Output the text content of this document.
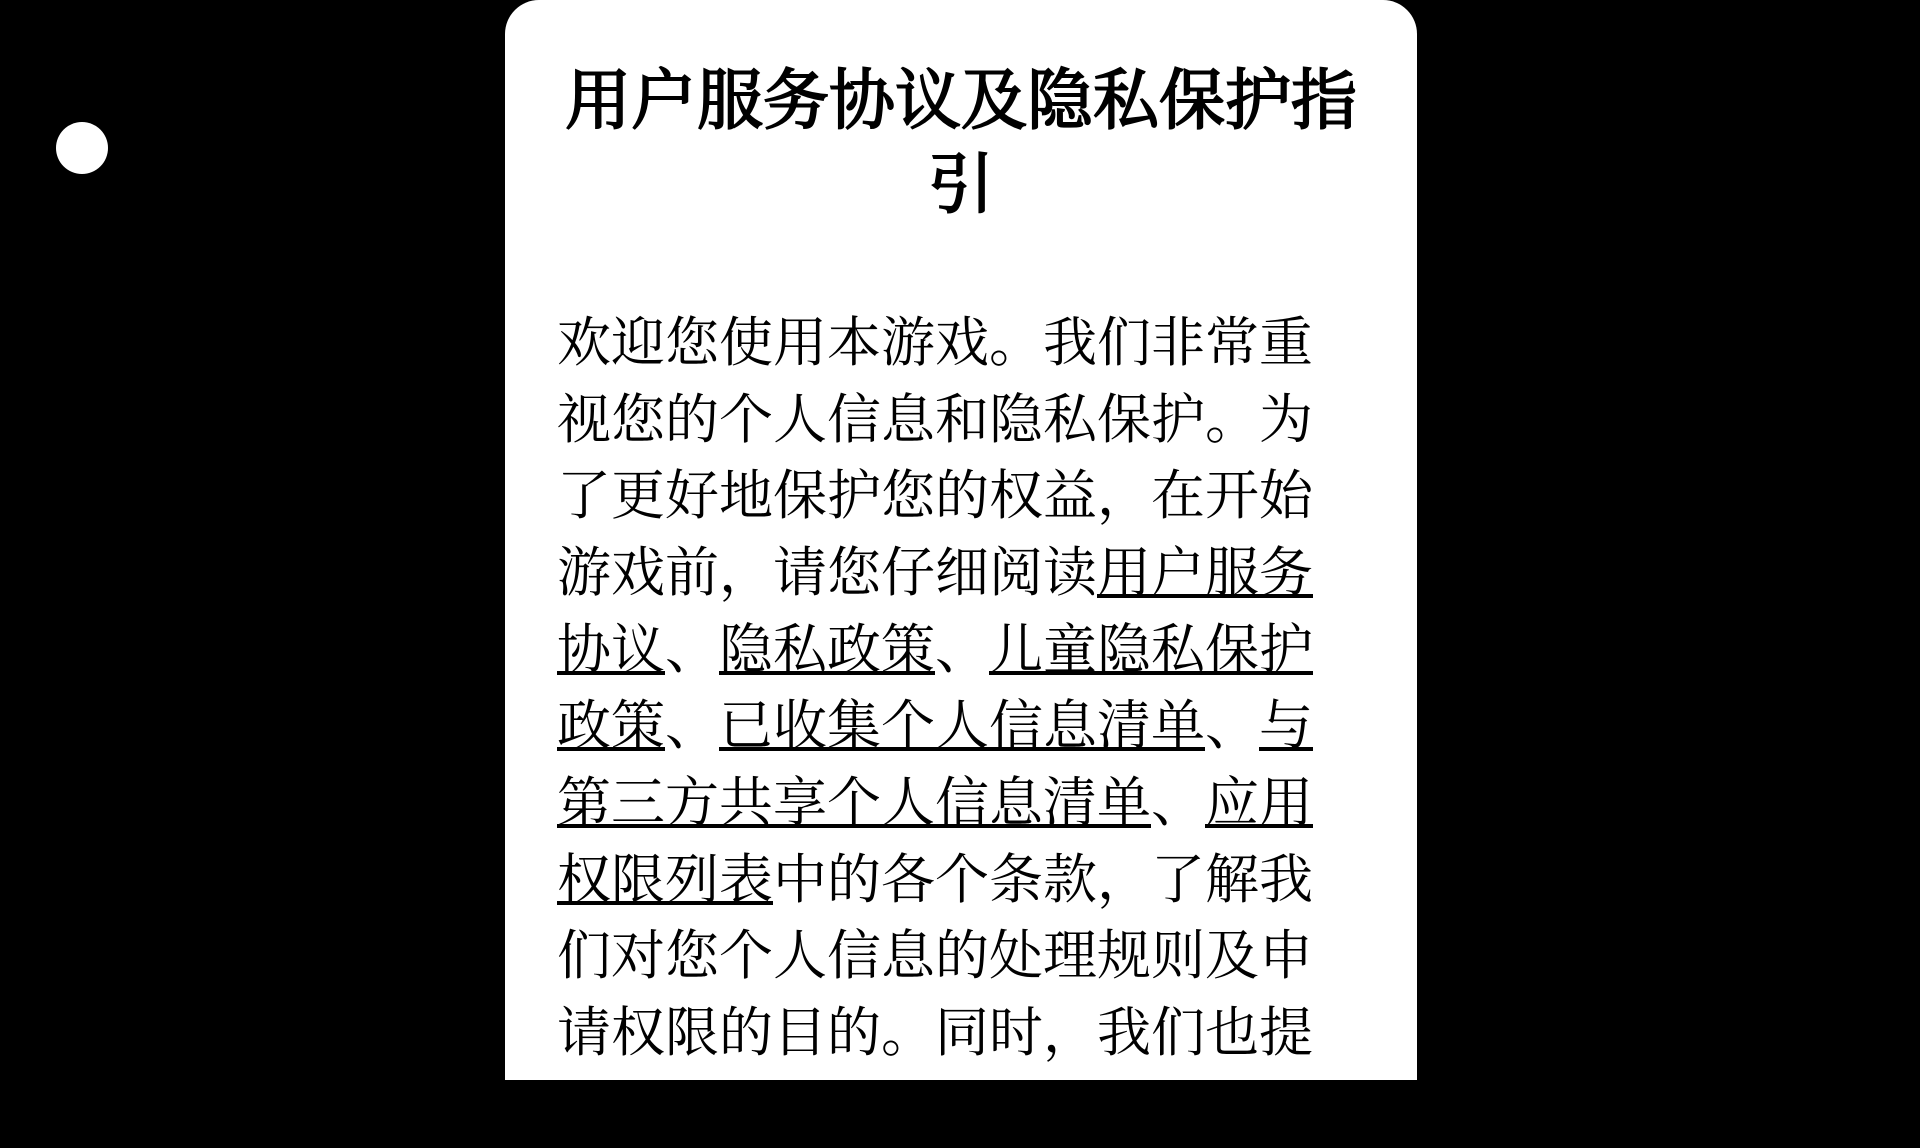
用户服务协议及隐私保护指引
欢迎您使用本游戏。我们非常重视您的个人信息和隐私保护。为了更好地保护您的权益，在开始游戏前，请您仔细阅读用户服务协议、隐私政策、儿童隐私保护政策、已收集个人信息清单、与第三方共享个人信息清单、应用权限列表中的各个条款，了解我们对您个人信息的处理规则及申请权限的目的。同时，我们也提供隐私政策简版方便您
